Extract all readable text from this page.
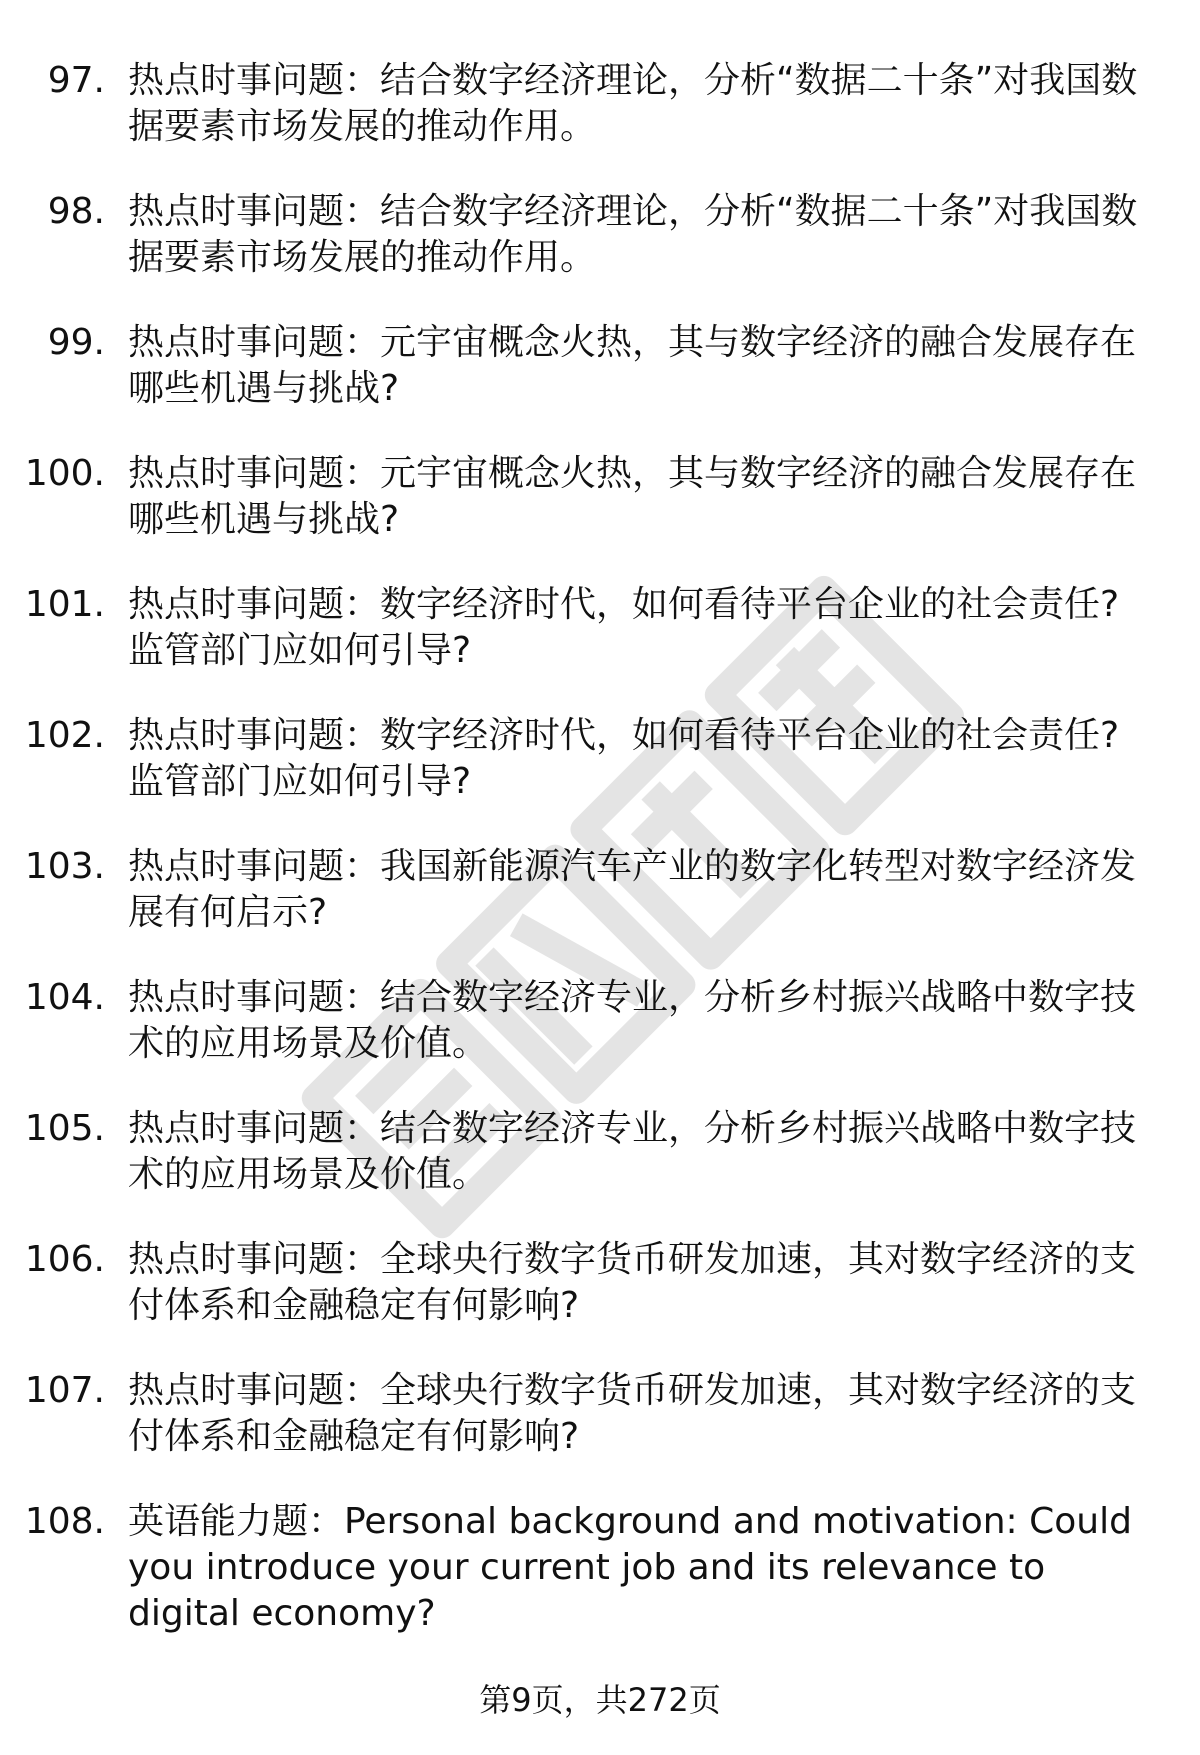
97. 热点时事问题：结合数字经济理论，分析“数据二十条”对我国数据要素市场发展的推动作用。
98. 热点时事问题：结合数字经济理论，分析“数据二十条”对我国数据要素市场发展的推动作用。
99. 热点时事问题：元宇宙概念火热，其与数字经济的融合发展存在哪些机遇与挑战?
100. 热点时事问题：元宇宙概念火热，其与数字经济的融合发展存在哪些机遇与挑战?
101. 热点时事问题：数字经济时代，如何看待平台企业的社会责任?监管部门应如何引导?
102. 热点时事问题：数字经济时代，如何看待平台企业的社会责任?监管部门应如何引导?
103. 热点时事问题：我国新能源汽车产业的数字化转型对数字经济发展有何启示?
104. 热点时事问题：结合数字经济专业，分析乡村振兴战略中数字技术的应用场景及价值。
105. 热点时事问题：结合数字经济专业，分析乡村振兴战略中数字技术的应用场景及价值。
106. 热点时事问题：全球央行数字货币研发加速，其对数字经济的支付体系和金融稳定有何影响?
107. 热点时事问题：全球央行数字货币研发加速，其对数字经济的支付体系和金融稳定有何影响?
108. 英语能力题：Personal background and motivation: Could you introduce your current job and its relevance to digital economy?
第9页，共272页
